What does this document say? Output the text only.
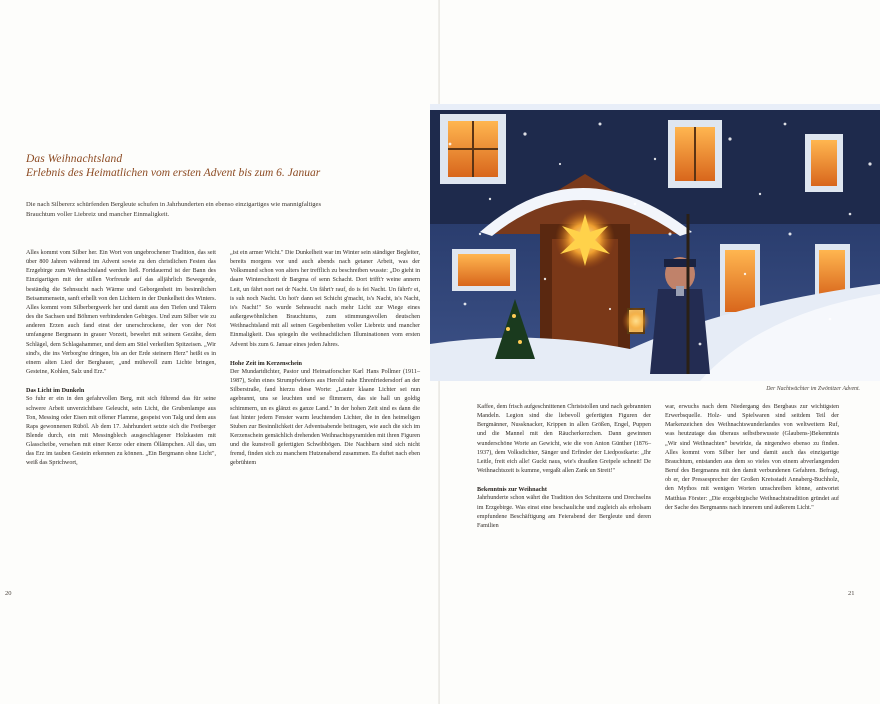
Das Weihnachtsland
Erlebnis des Heimatlichen vom ersten Advent bis zum 6. Januar
Die nach Silbererz schürfenden Bergleute schufen in Jahrhunderten ein ebenso einzigartiges wie mannigfaltiges Brauchtum voller Liebreiz und mancher Einmaligkeit.

Alles kommt vom Silber her. Ein Wort von ungebrochener Tradition, das seit über 800 Jahren während im Advent sowie zu den christlichen Festen das Erzgebirge zum Weihnachtsland werden ließ. Fortdauernd ist der Bann des Einzigartigen mit der stillen Vorfreude auf das alljährlich Bewegende, beständig die Sehnsucht nach Wärme und Geborgenheit im besinnlichen Beisammensein, sanft erhellt von den Lichtern in der Dunkelheit des Winters. Alles kommt vom Silberbergwerk her und damit aus den Tiefen und Tälern des die Sachsen und Böhmen verbindenden Gebirges. Und zum Silber wie zu anderen Erzen auch fand einst der unerschrockene, der von der Not umfangene Bergmann in grauer Vorzeit, bewehrt mit seinem Gezähe, dem Schlägel, dem Schlagahammer, und dem am Stiel verkeilten Spitzeisen. „Wir sind's, die ins Verborg'ne dringen, bis an der Erde steinern Herz" heißt es in einem alten Lied der Berghauer, „und mühevoll zum Lichte bringen, Gesteine, Kohlen, Salz und Erz."

Das Licht im Dunkeln

So fuhr er ein in den gefahrvollen Berg, mit sich führend das für seine schwere Arbeit unverzichtbare Geleucht, sein Licht, die Grubenlampe aus Ton, Messing oder Eisen mit offener Flamme, gespeist von Talg und dem aus Raps gewonnenen Rüböl. Ab dem 17. Jahrhundert setzte sich die Freiberger Blende durch, ein mit Messingblech ausgeschlagener Holzkasten mit Glasscheibe, versehen mit einer Kerze oder einem Öllämpchen. All das, um das Erz im tauben Gestein erkennen zu können. „Ein Bergmann ohne Licht", weiß das Sprichwort,

„ist ein armer Wicht." Die Dunkelheit war im Winter sein ständiger Begleiter, bereits morgens vor und auch abends nach getaner Arbeit, was der Volksmund schon von alters her trefflich zu beschreiben wusste: „Do gieht in daare Winterschzeit dr Bargma of senn Schacht. Dort trifft'r weine annern Leit, un fährt nort nei dr Nacht. Un fährt'r rauf, do is fei Nacht. Un fährt'r ei, is suh noch Nacht. Un hot'r dann sei Schicht g'macht, is's Nacht, is's Nacht, is's Nacht!" So wurde Sehnsucht nach mehr Licht zur Wiege eines außergewöhnlichen Brauchtums, zum stimmungsvollen deutschen Weihnachtsland mit all seinen Gegebenheiten voller Liebreiz und mancher Einmaligkeit. Das spiegeln die weihnachtlichen Illuminationen vom ersten Advent bis zum 6. Januar eines jeden Jahres.

Hohe Zeit im Kerzenschein

Der Mundartdichter, Pastor und Heimatforscher Karl Hans Pollmer (1911–1987), Sohn eines Strumpfwirkers aus Herold nahe Ehrenfriedersdorf an der Silberstraße, fand hierzu diese Worte: „Lauter klaane Lichter sei nun agebrannt, uns se leuchten und se flimmern, das sie hall un goldig schimmern, un es glänzt es ganze Land." In der hohen Zeit sind es dann die fast hinter jedem Fenster warm leuchtenden Lichter, die in den heimeligen Stuben zur Besinnlichkeit der Adventsabende beitragen, wie auch die sich im Kerzenschein gemächlich drehenden Weihnachtspyramiden mit ihren Figuren und die kunstvoll gefertigten Schwibbögen. Die Nachbarn sind sich nicht fremd, finden sich zu manchem Hutzenabend zusammen. Es duftet nach eben gebrühtem

20
Der Nachtwächter im Zwönitzer Advent.

Kaffee, dem frisch aufgeschnittenen Christstollen und nach gebrannten Mandeln. Legion sind die liebevoll gefertigten Figuren der Bergmänner, Nussknacker, Krippen in allen Größen, Engel, Puppen und die Mannel mit den Räucherkerzchen. Dann gewinnen wunderschöne Worte an Gewicht, wie die von Anton Günther (1876–1937), dem Volksdichter, Sänger und Erfinder der Liedpostkarte: „Ihr Leitle, freit eich alle! Guckt naus, wie's draußen Greipele schneit! De Weihnachtszeit is kumme, vergaßt allen Zank un Streit!"

Bekenntnis zur Weihnacht

Jahrhunderte schon währt die Tradition des Schnitzens und Drechselns im Erzgebirge. Was einst eine beschauliche und zugleich als erholsam empfundene Beschäftigung am Feierabend der Bergleute und deren Familien

war, erwuchs nach dem Niedergang des Bergbaus zur wichtigsten Erwerbsquelle. Holz- und Spielwaren sind seitdem Teil der Markenzeichen des Weihnachtswunderlandes von weltweitem Ruf, was heutzutage das überaus selbstbewusste (Glaubens-)Bekenntnis „Wir sind Weihnachten" bewirkte, da nirgendwo ebenso zu finden. Alles kommt vom Silber her und damit auch das einzigartige Brauchtum, entstanden aus dem so vieles von einem abverlangenden Beruf des Bergmanns mit den damit verbundenen Gefahren. Befragt, ob er, der Pressesprecher der Großen Kreisstadt Annaberg-Buchholz, den Mythos mit wenigen Worten umschreiben könne, antwortet Matthias Förster: „Die erzgebirgische Weihnachtstradition gründet auf der Sache des Bergmanns nach innerem und äußerem Licht."

21
